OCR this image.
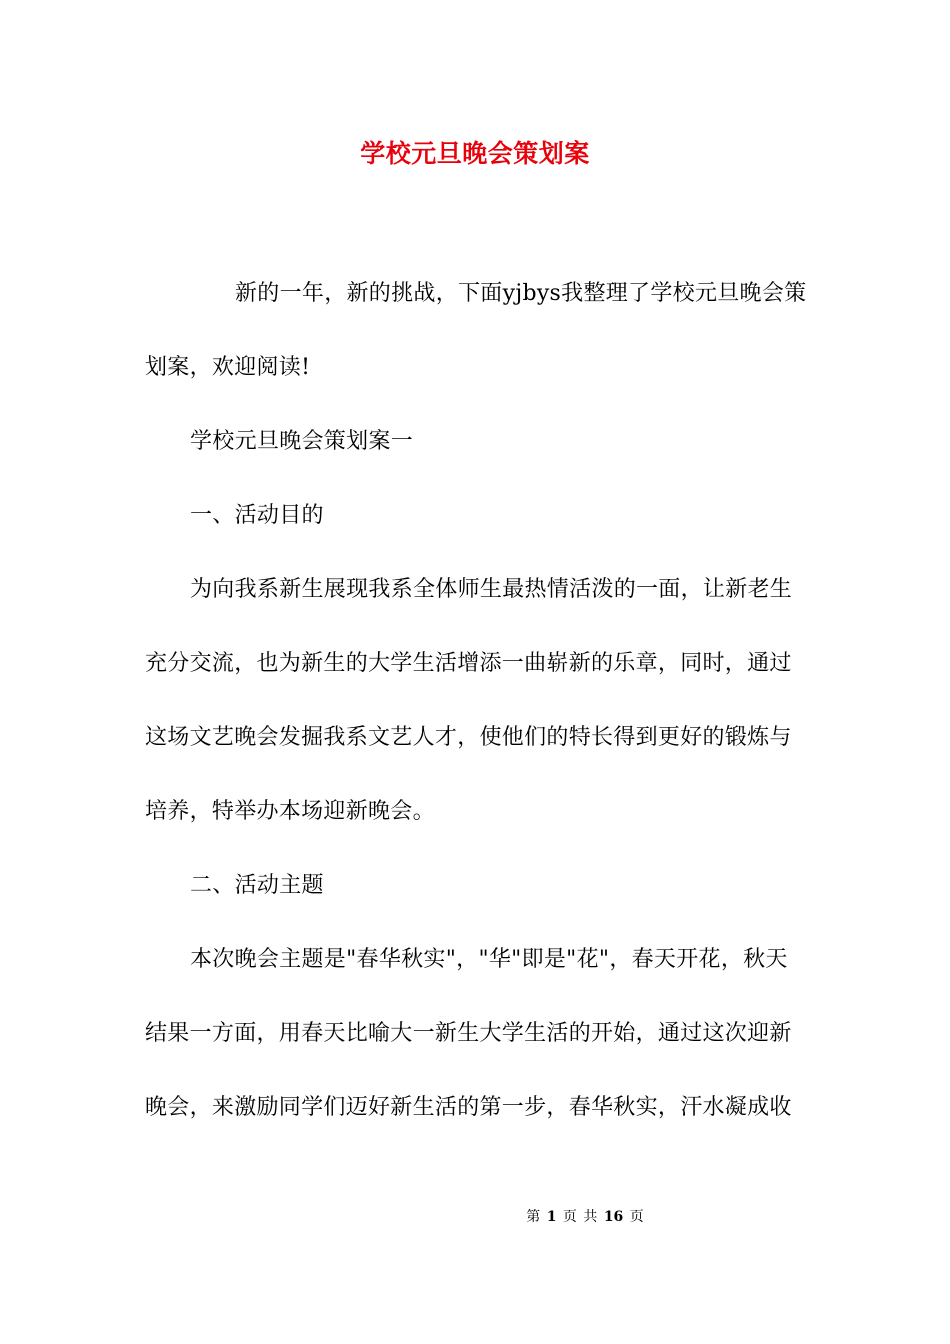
学校元旦晚会策划案

新的一年，新的挑战，下面yjbys我整理了学校元旦晚会策划案，欢迎阅读!

学校元旦晚会策划案一

一、活动目的

为向我系新生展现我系全体师生最热情活泼的一面，让新老生充分交流，也为新生的大学生活增添一曲崭新的乐章，同时，通过这场文艺晚会发掘我系文艺人才，使他们的特长得到更好的锻炼与培养，特举办本场迎新晚会。

二、活动主题

本次晚会主题是"春华秋实"，"华"即是"花"，春天开花，秋天结果一方面，用春天比喻大一新生大学生活的开始，通过这次迎新晚会，来激励同学们迈好新生活的第一步，春华秋实，汗水凝成收

第 1 页 共 16 页
